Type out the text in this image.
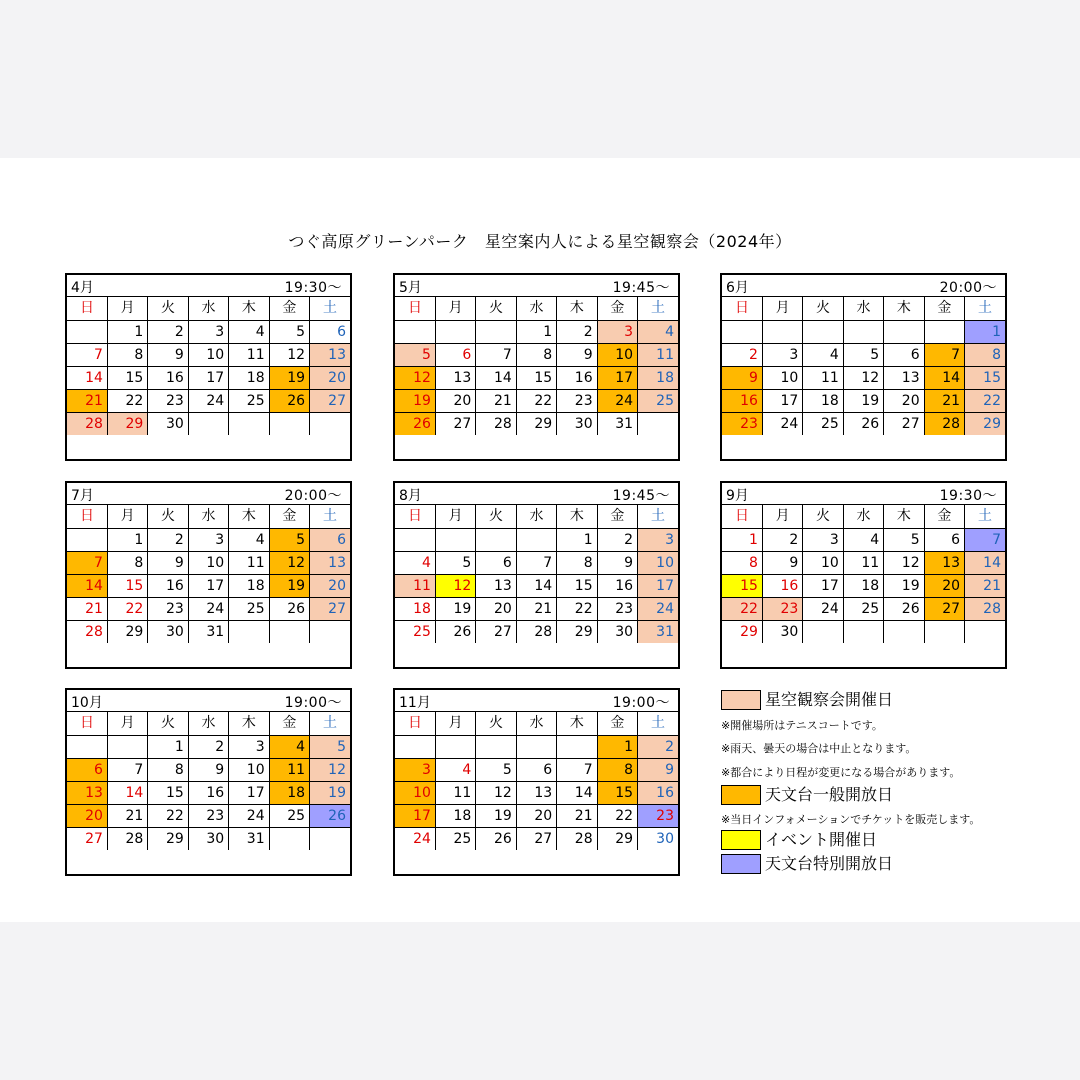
つぐ高原グリーンパーク　星空案内人による星空観察会（2024年）
4月	19:30〜
日	月	火	水	木	金	土
	1	2	3	4	5	6
7	8	9	10	11	12	13
14	15	16	17	18	19	20
21	22	23	24	25	26	27
28	29	30				
5月	19:45〜
日	月	火	水	木	金	土
			1	2	3	4
5	6	7	8	9	10	11
12	13	14	15	16	17	18
19	20	21	22	23	24	25
26	27	28	29	30	31	
6月	20:00〜
日	月	火	水	木	金	土
						1
2	3	4	5	6	7	8
9	10	11	12	13	14	15
16	17	18	19	20	21	22
23	24	25	26	27	28	29
7月	20:00〜
日	月	火	水	木	金	土
	1	2	3	4	5	6
7	8	9	10	11	12	13
14	15	16	17	18	19	20
21	22	23	24	25	26	27
28	29	30	31			
8月	19:45〜
日	月	火	水	木	金	土
				1	2	3
4	5	6	7	8	9	10
11	12	13	14	15	16	17
18	19	20	21	22	23	24
25	26	27	28	29	30	31
9月	19:30〜
日	月	火	水	木	金	土
1	2	3	4	5	6	7
8	9	10	11	12	13	14
15	16	17	18	19	20	21
22	23	24	25	26	27	28
29	30					
10月	19:00〜
日	月	火	水	木	金	土
		1	2	3	4	5
6	7	8	9	10	11	12
13	14	15	16	17	18	19
20	21	22	23	24	25	26
27	28	29	30	31		
11月	19:00〜
日	月	火	水	木	金	土
					1	2
3	4	5	6	7	8	9
10	11	12	13	14	15	16
17	18	19	20	21	22	23
24	25	26	27	28	29	30
星空観察会開催日
※開催場所はテニスコートです。
※雨天、曇天の場合は中止となります。
※都合により日程が変更になる場合があります。
天文台一般開放日
※当日インフォメーションでチケットを販売します。
イベント開催日
天文台特別開放日
